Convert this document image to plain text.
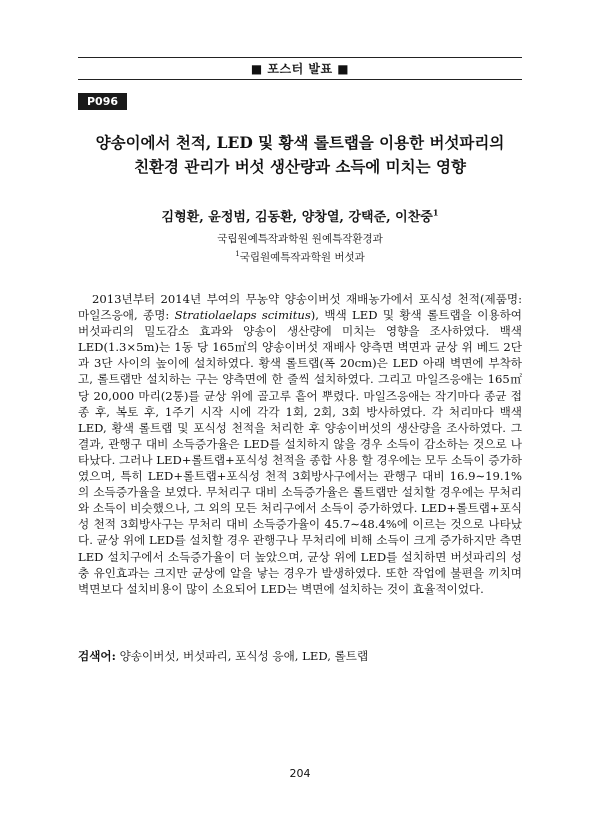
■ 포스터 발표 ■
P096
양송이에서 천적, LED 및 황색 롤트랩을 이용한 버섯파리의
친환경 관리가 버섯 생산량과 소득에 미치는 영향
김형환, 윤정범, 김동환, 양창열, 강택준, 이찬중$^1$
국립원예특작과학원 원예특작환경과
$^1$국립원예특작과학원 버섯과

2013년부터 2014년 부여의 무농약 양송이버섯 재배농가에서 포식성 천적(제품명: 마일즈응애, 종명: Stratiolaelaps scimitus), 백색 LED 및 황색 롤트랩을 이용하여 버섯파리의 밀도감소 효과와 양송이 생산량에 미치는 영향을 조사하였다. 백색 LED(1.3×5m)는 1동 당 165㎡의 양송이버섯 재배사 양측면 벽면과 균상 위 베드 2단과 3단 사이의 높이에 설치하였다. 황색 롤트랩(폭 20cm)은 LED 아래 벽면에 부착하고, 롤트랩만 설치하는 구는 양측면에 한 줄씩 설치하였다. 그리고 마일즈응애는 165㎡ 당 20,000 마리(2통)를 균상 위에 골고루 흩어 뿌렸다. 마일즈응애는 작기마다 종균 접종 후, 복토 후, 1주기 시작 시에 각각 1회, 2회, 3회 방사하였다. 각 처리마다 백색 LED, 황색 롤트랩 및 포식성 천적을 처리한 후 양송이버섯의 생산량을 조사하였다. 그 결과, 관행구 대비 소득증가율은 LED를 설치하지 않을 경우 소득이 감소하는 것으로 나타났다. 그러나 LED+롤트랩+포식성 천적을 종합 사용 할 경우에는 모두 소득이 증가하였으며, 특히 LED+롤트랩+포식성 천적 3회방사구에서는 관행구 대비 16.9∼19.1%의 소득증가율을 보였다. 무처리구 대비 소득증가율은 롤트랩만 설치할 경우에는 무처리와 소득이 비슷했으나, 그 외의 모든 처리구에서 소득이 증가하였다. LED+롤트랩+포식성 천적 3회방사구는 무처리 대비 소득증가율이 45.7∼48.4%에 이르는 것으로 나타났다. 균상 위에 LED를 설치할 경우 관행구나 무처리에 비해 소득이 크게 증가하지만 측면 LED 설치구에서 소득증가율이 더 높았으며, 균상 위에 LED를 설치하면 버섯파리의 성충 유인효과는 크지만 균상에 알을 낳는 경우가 발생하였다. 또한 작업에 불편을 끼치며 벽면보다 설치비용이 많이 소요되어 LED는 벽면에 설치하는 것이 효율적이었다.

검색어: 양송이버섯, 버섯파리, 포식성 응애, LED, 롤트랩

204
